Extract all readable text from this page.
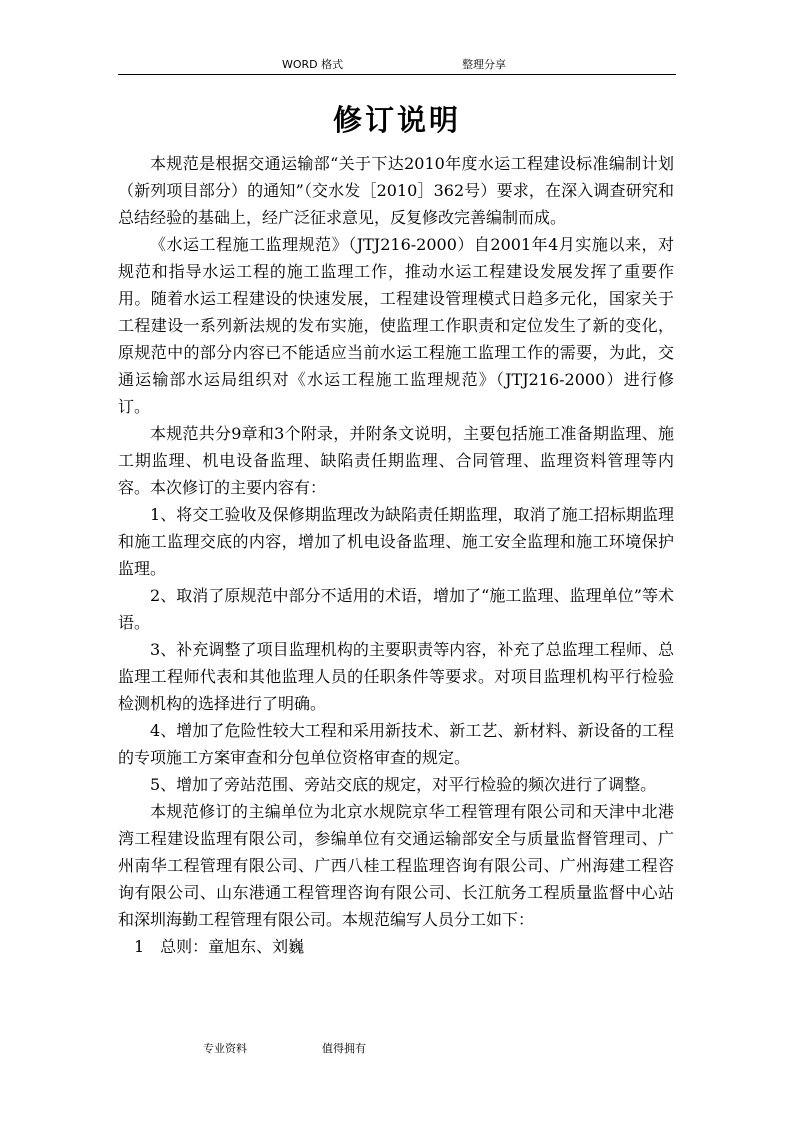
WORD 格式	整理分享
修订说明

本规范是根据交通运输部“关于下达2010年度水运工程建设标准编制计划（新列项目部分）的通知”（交水发［2010］362号）要求，在深入调查研究和总结经验的基础上，经广泛征求意见，反复修改完善编制而成。

《水运工程施工监理规范》（JTJ216-2000）自2001年4月实施以来，对规范和指导水运工程的施工监理工作，推动水运工程建设发展发挥了重要作用。随着水运工程建设的快速发展，工程建设管理模式日趋多元化，国家关于工程建设一系列新法规的发布实施，使监理工作职责和定位发生了新的变化，原规范中的部分内容已不能适应当前水运工程施工监理工作的需要，为此，交通运输部水运局组织对《水运工程施工监理规范》（JTJ216-2000）进行修订。

本规范共分9章和3个附录，并附条文说明，主要包括施工准备期监理、施工期监理、机电设备监理、缺陷责任期监理、合同管理、监理资料管理等内容。本次修订的主要内容有：

1、将交工验收及保修期监理改为缺陷责任期监理，取消了施工招标期监理和施工监理交底的内容，增加了机电设备监理、施工安全监理和施工环境保护监理。

2、取消了原规范中部分不适用的术语，增加了“施工监理、监理单位”等术语。

3、补充调整了项目监理机构的主要职责等内容，补充了总监理工程师、总监理工程师代表和其他监理人员的任职条件等要求。对项目监理机构平行检验检测机构的选择进行了明确。

4、增加了危险性较大工程和采用新技术、新工艺、新材料、新设备的工程的专项施工方案审查和分包单位资格审查的规定。

5、增加了旁站范围、旁站交底的规定，对平行检验的频次进行了调整。

本规范修订的主编单位为北京水规院京华工程管理有限公司和天津中北港湾工程建设监理有限公司，参编单位有交通运输部安全与质量监督管理司、广州南华工程管理有限公司、广西八桂工程监理咨询有限公司、广州海建工程咨询有限公司、山东港通工程管理咨询有限公司、长江航务工程质量监督中心站和深圳海勤工程管理有限公司。本规范编写人员分工如下：

1　总则：童旭东、刘巍

专业资料	值得拥有
